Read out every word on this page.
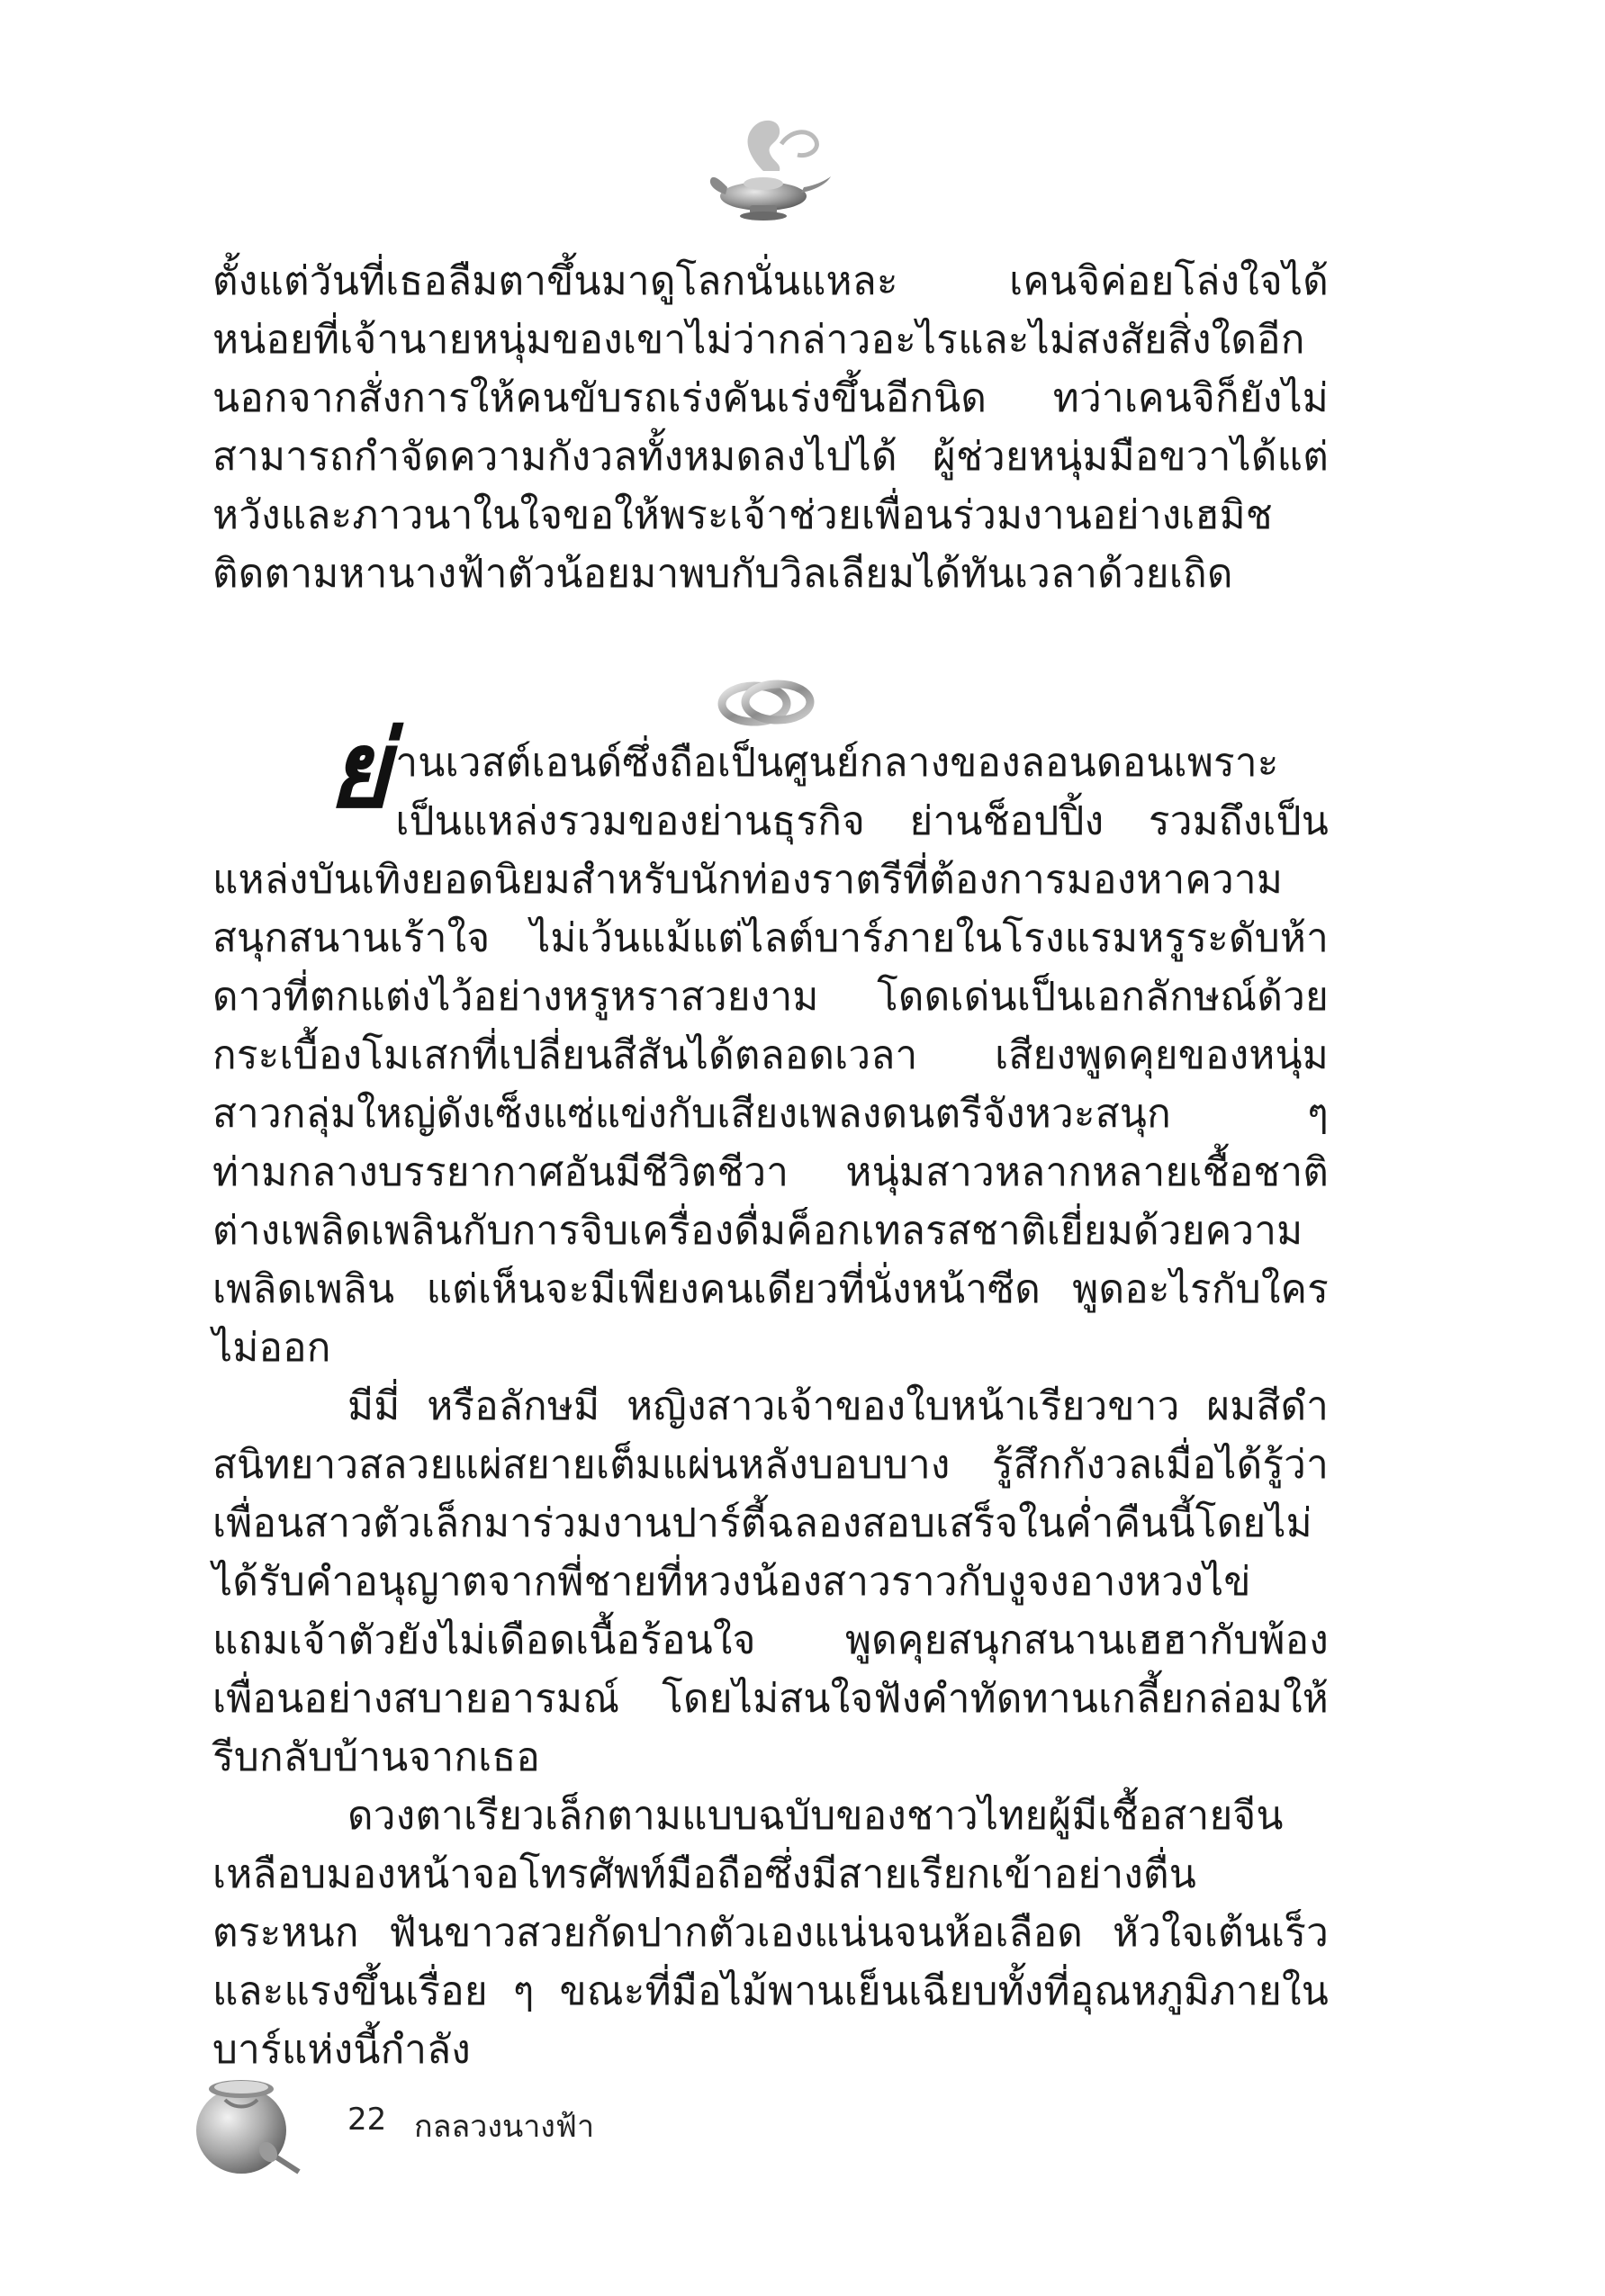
ตั้งแต่วันที่เธอลืมตาขึ้นมาดูโลกนั่นแหละ เคนจิค่อยโล่งใจได้หน่อยที่เจ้านายหนุ่มของเขาไม่ว่ากล่าวอะไรและไม่สงสัยสิ่งใดอีก นอกจากสั่งการให้คนขับรถเร่งคันเร่งขึ้นอีกนิด ทว่าเคนจิก็ยังไม่สามารถกำจัดความกังวลทั้งหมดลงไปได้ ผู้ช่วยหนุ่มมือขวาได้แต่หวังและภาวนาในใจขอให้พระเจ้าช่วยเพื่อนร่วมงานอย่างเฮมิชติดตามหานางฟ้าตัวน้อยมาพบกับวิลเลียมได้ทันเวลาด้วยเถิด

ย่านเวสต์เอนด์ซึ่งถือเป็นศูนย์กลางของลอนดอนเพราะเป็นแหล่งรวมของย่านธุรกิจ ย่านช็อปปิ้ง รวมถึงเป็นแหล่งบันเทิงยอดนิยมสำหรับนักท่องราตรีที่ต้องการมองหาความสนุกสนานเร้าใจ ไม่เว้นแม้แต่ไลต์บาร์ภายในโรงแรมหรูระดับห้าดาวที่ตกแต่งไว้อย่างหรูหราสวยงาม โดดเด่นเป็นเอกลักษณ์ด้วยกระเบื้องโมเสกที่เปลี่ยนสีสันได้ตลอดเวลา เสียงพูดคุยของหนุ่มสาวกลุ่มใหญ่ดังเซ็งแซ่แข่งกับเสียงเพลงดนตรีจังหวะสนุก ๆ ท่ามกลางบรรยากาศอันมีชีวิตชีวา หนุ่มสาวหลากหลายเชื้อชาติต่างเพลิดเพลินกับการจิบเครื่องดื่มค็อกเทลรสชาติเยี่ยมด้วยความเพลิดเพลิน แต่เห็นจะมีเพียงคนเดียวที่นั่งหน้าซีด พูดอะไรกับใครไม่ออก

มีมี่ หรือลักษมี หญิงสาวเจ้าของใบหน้าเรียวขาว ผมสีดำสนิทยาวสลวยแผ่สยายเต็มแผ่นหลังบอบบาง รู้สึกกังวลเมื่อได้รู้ว่าเพื่อนสาวตัวเล็กมาร่วมงานปาร์ตี้ฉลองสอบเสร็จในค่ำคืนนี้โดยไม่ได้รับคำอนุญาตจากพี่ชายที่หวงน้องสาวราวกับงูจงอางหวงไข่ แถมเจ้าตัวยังไม่เดือดเนื้อร้อนใจ พูดคุยสนุกสนานเฮฮากับพ้องเพื่อนอย่างสบายอารมณ์ โดยไม่สนใจฟังคำทัดทานเกลี้ยกล่อมให้รีบกลับบ้านจากเธอ

ดวงตาเรียวเล็กตามแบบฉบับของชาวไทยผู้มีเชื้อสายจีนเหลือบมองหน้าจอโทรศัพท์มือถือซึ่งมีสายเรียกเข้าอย่างตื่นตระหนก ฟันขาวสวยกัดปากตัวเองแน่นจนห้อเลือด หัวใจเต้นเร็วและแรงขึ้นเรื่อย ๆ ขณะที่มือไม้พานเย็นเฉียบทั้งที่อุณหภูมิภายในบาร์แห่งนี้กำลัง

22 กลลวงนางฟ้า
